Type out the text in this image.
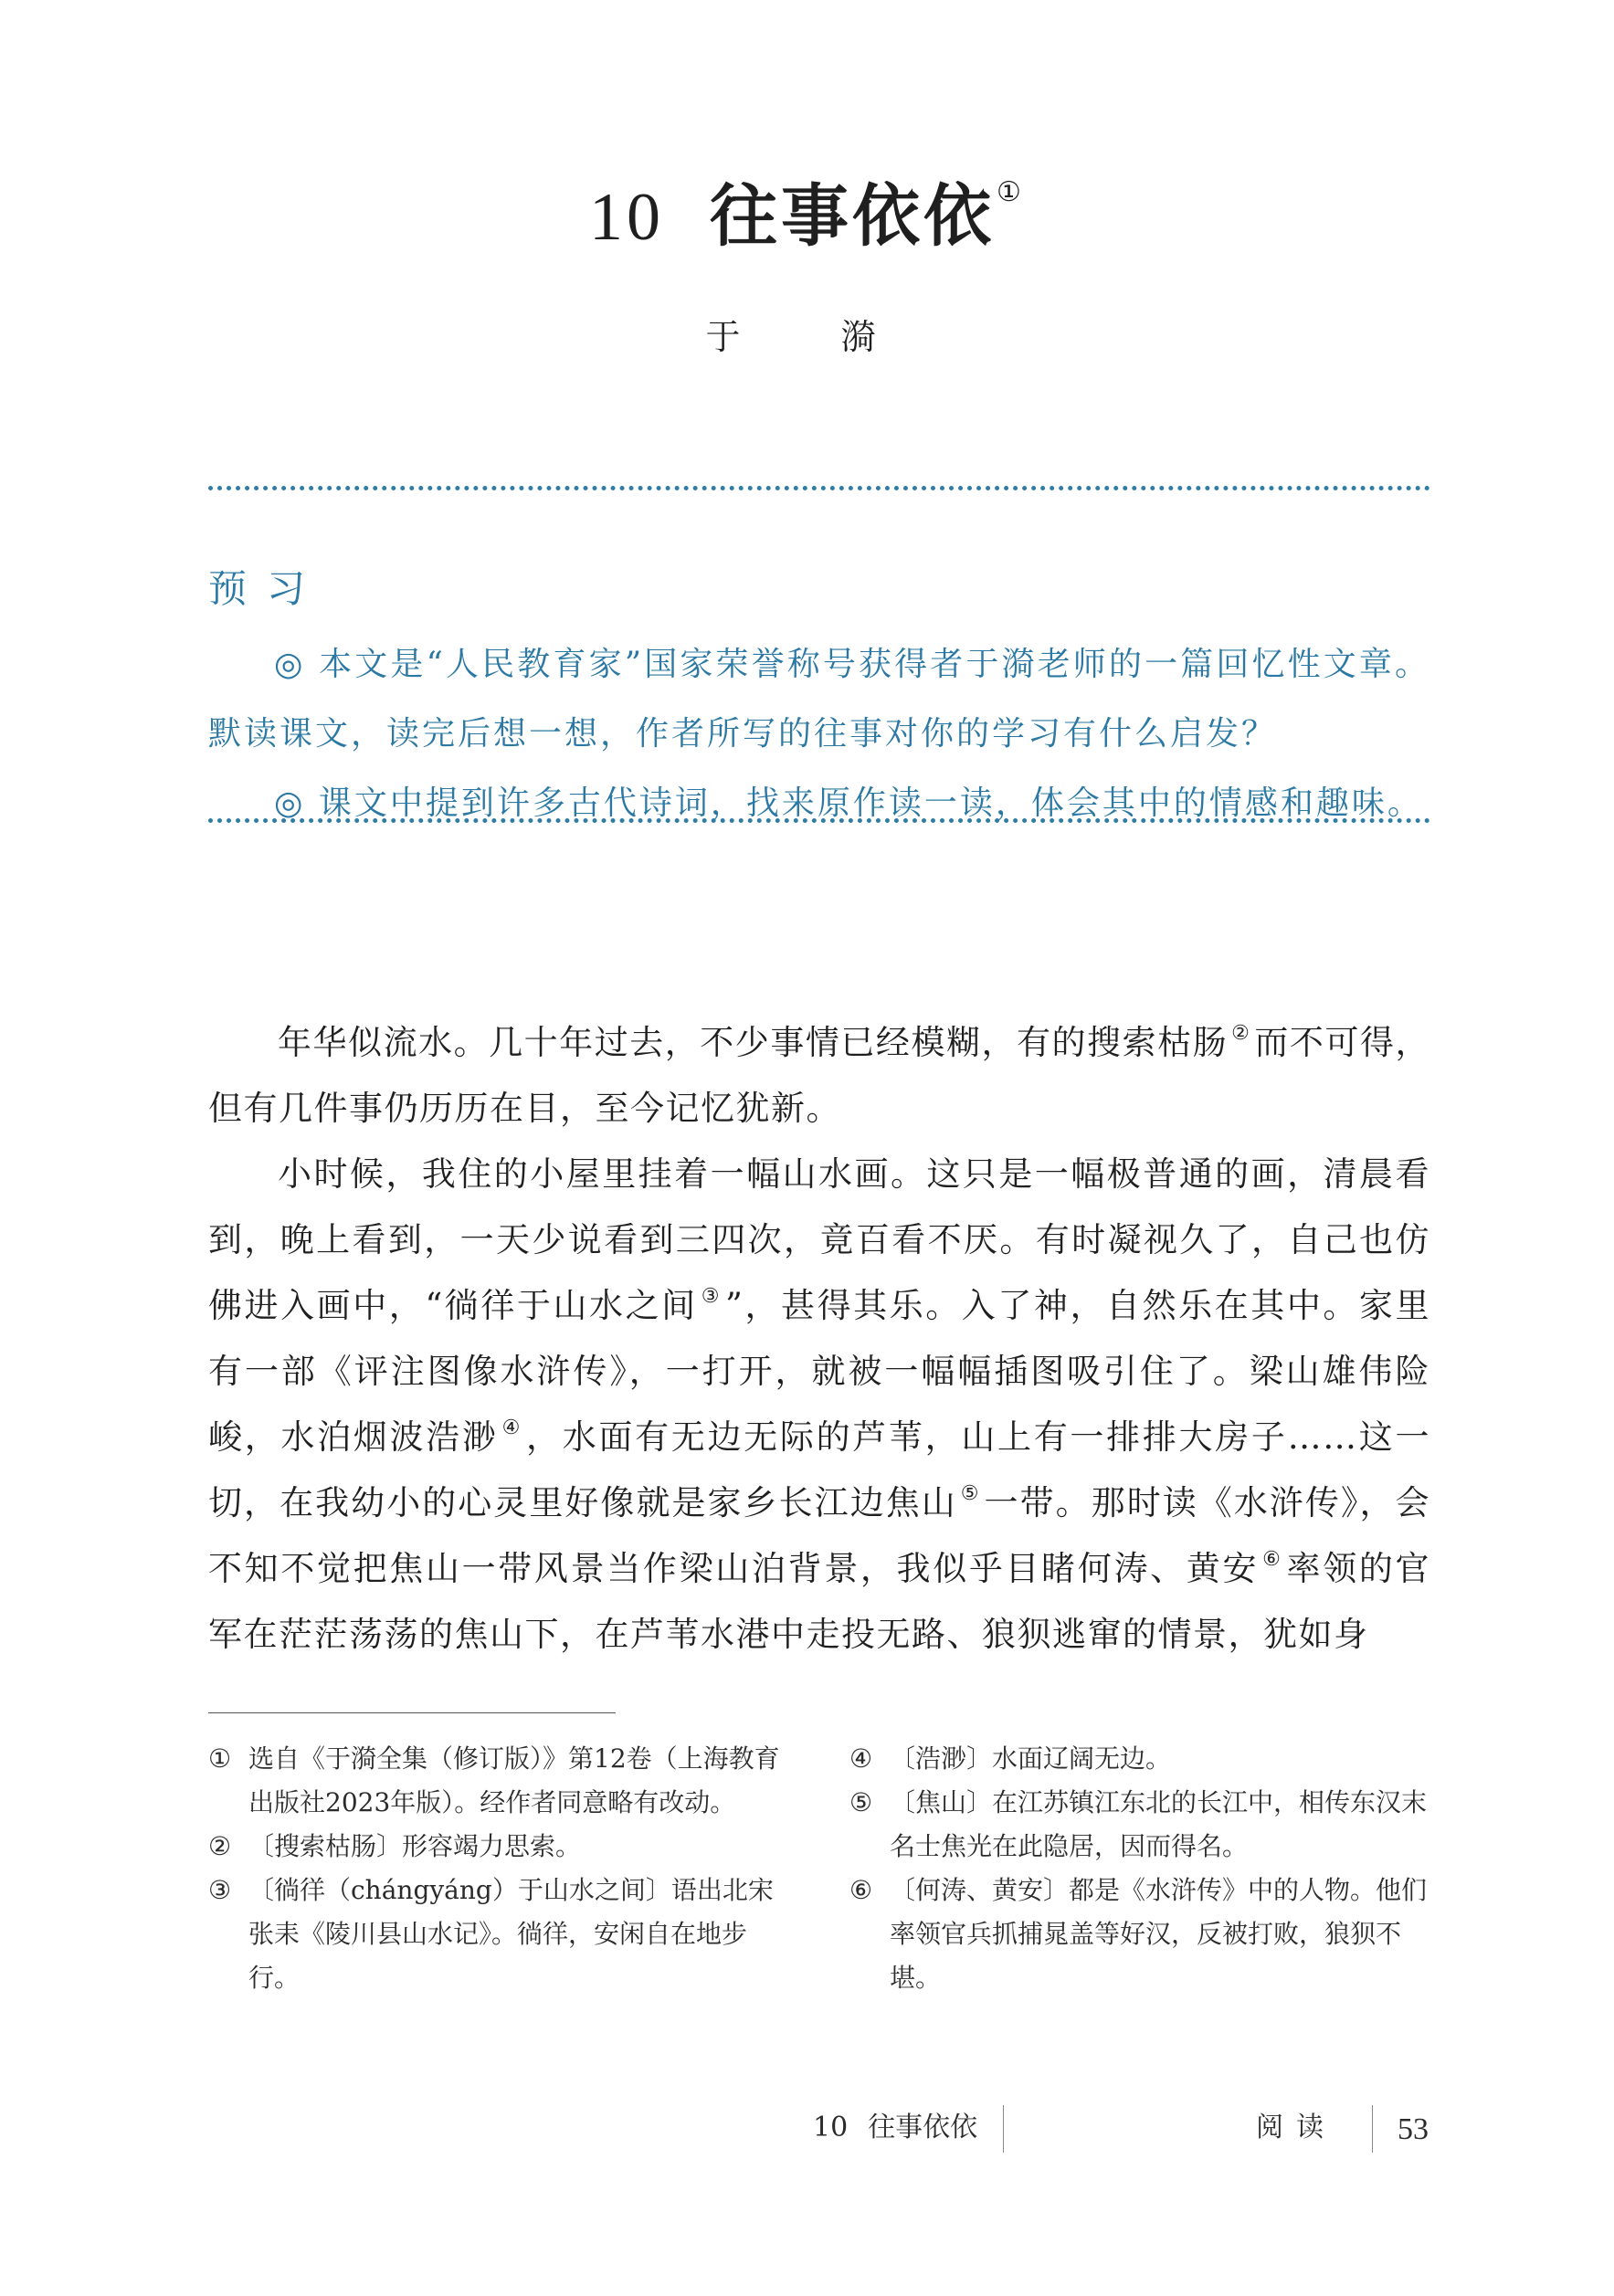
10 往事依依①
于　漪
预习

◎ 本文是“人民教育家”国家荣誉称号获得者于漪老师的一篇回忆性文章。默读课文，读完后想一想，作者所写的往事对你的学习有什么启发？

◎ 课文中提到许多古代诗词，找来原作读一读，体会其中的情感和趣味。

年华似流水。几十年过去，不少事情已经模糊，有的搜索枯肠 ② 而不可得，但有几件事仍历历在目，至今记忆犹新。

小时候，我住的小屋里挂着一幅山水画。这只是一幅极普通的画，清晨看到，晚上看到，一天少说看到三四次，竟百看不厌。有时凝视久了，自己也仿佛进入画中，“徜徉于山水之间 ③ ”，甚得其乐。入了神，自然乐在其中。家里有一部《评注图像水浒传》，一打开，就被一幅幅插图吸引住了。梁山雄伟险峻，水泊烟波浩渺 ④ ，水面有无边无际的芦苇，山上有一排排大房子……这一切，在我幼小的心灵里好像就是家乡长江边焦山 ⑤ 一带。那时读《水浒传》，会不知不觉把焦山一带风景当作梁山泊背景，我似乎目睹何涛、黄安 ⑥ 率领的官军在茫茫荡荡的焦山下，在芦苇水港中走投无路、狼狈逃窜的情景，犹如身

① 选自《于漪全集（修订版）》第12卷（上海教育出版社2023年版）。经作者同意略有改动。

② 〔搜索枯肠〕形容竭力思索。

③ 〔徜徉（chángyáng）于山水之间〕语出北宋张耒《陵川县山水记》。徜徉，安闲自在地步行。

④ 〔浩渺〕水面辽阔无边。

⑤ 〔焦山〕在江苏镇江东北的长江中，相传东汉末名士焦光在此隐居，因而得名。

⑥ 〔何涛、黄安〕都是《水浒传》中的人物。他们率领官兵抓捕晁盖等好汉，反被打败，狼狈不堪。

10 往事依依	阅读 53
